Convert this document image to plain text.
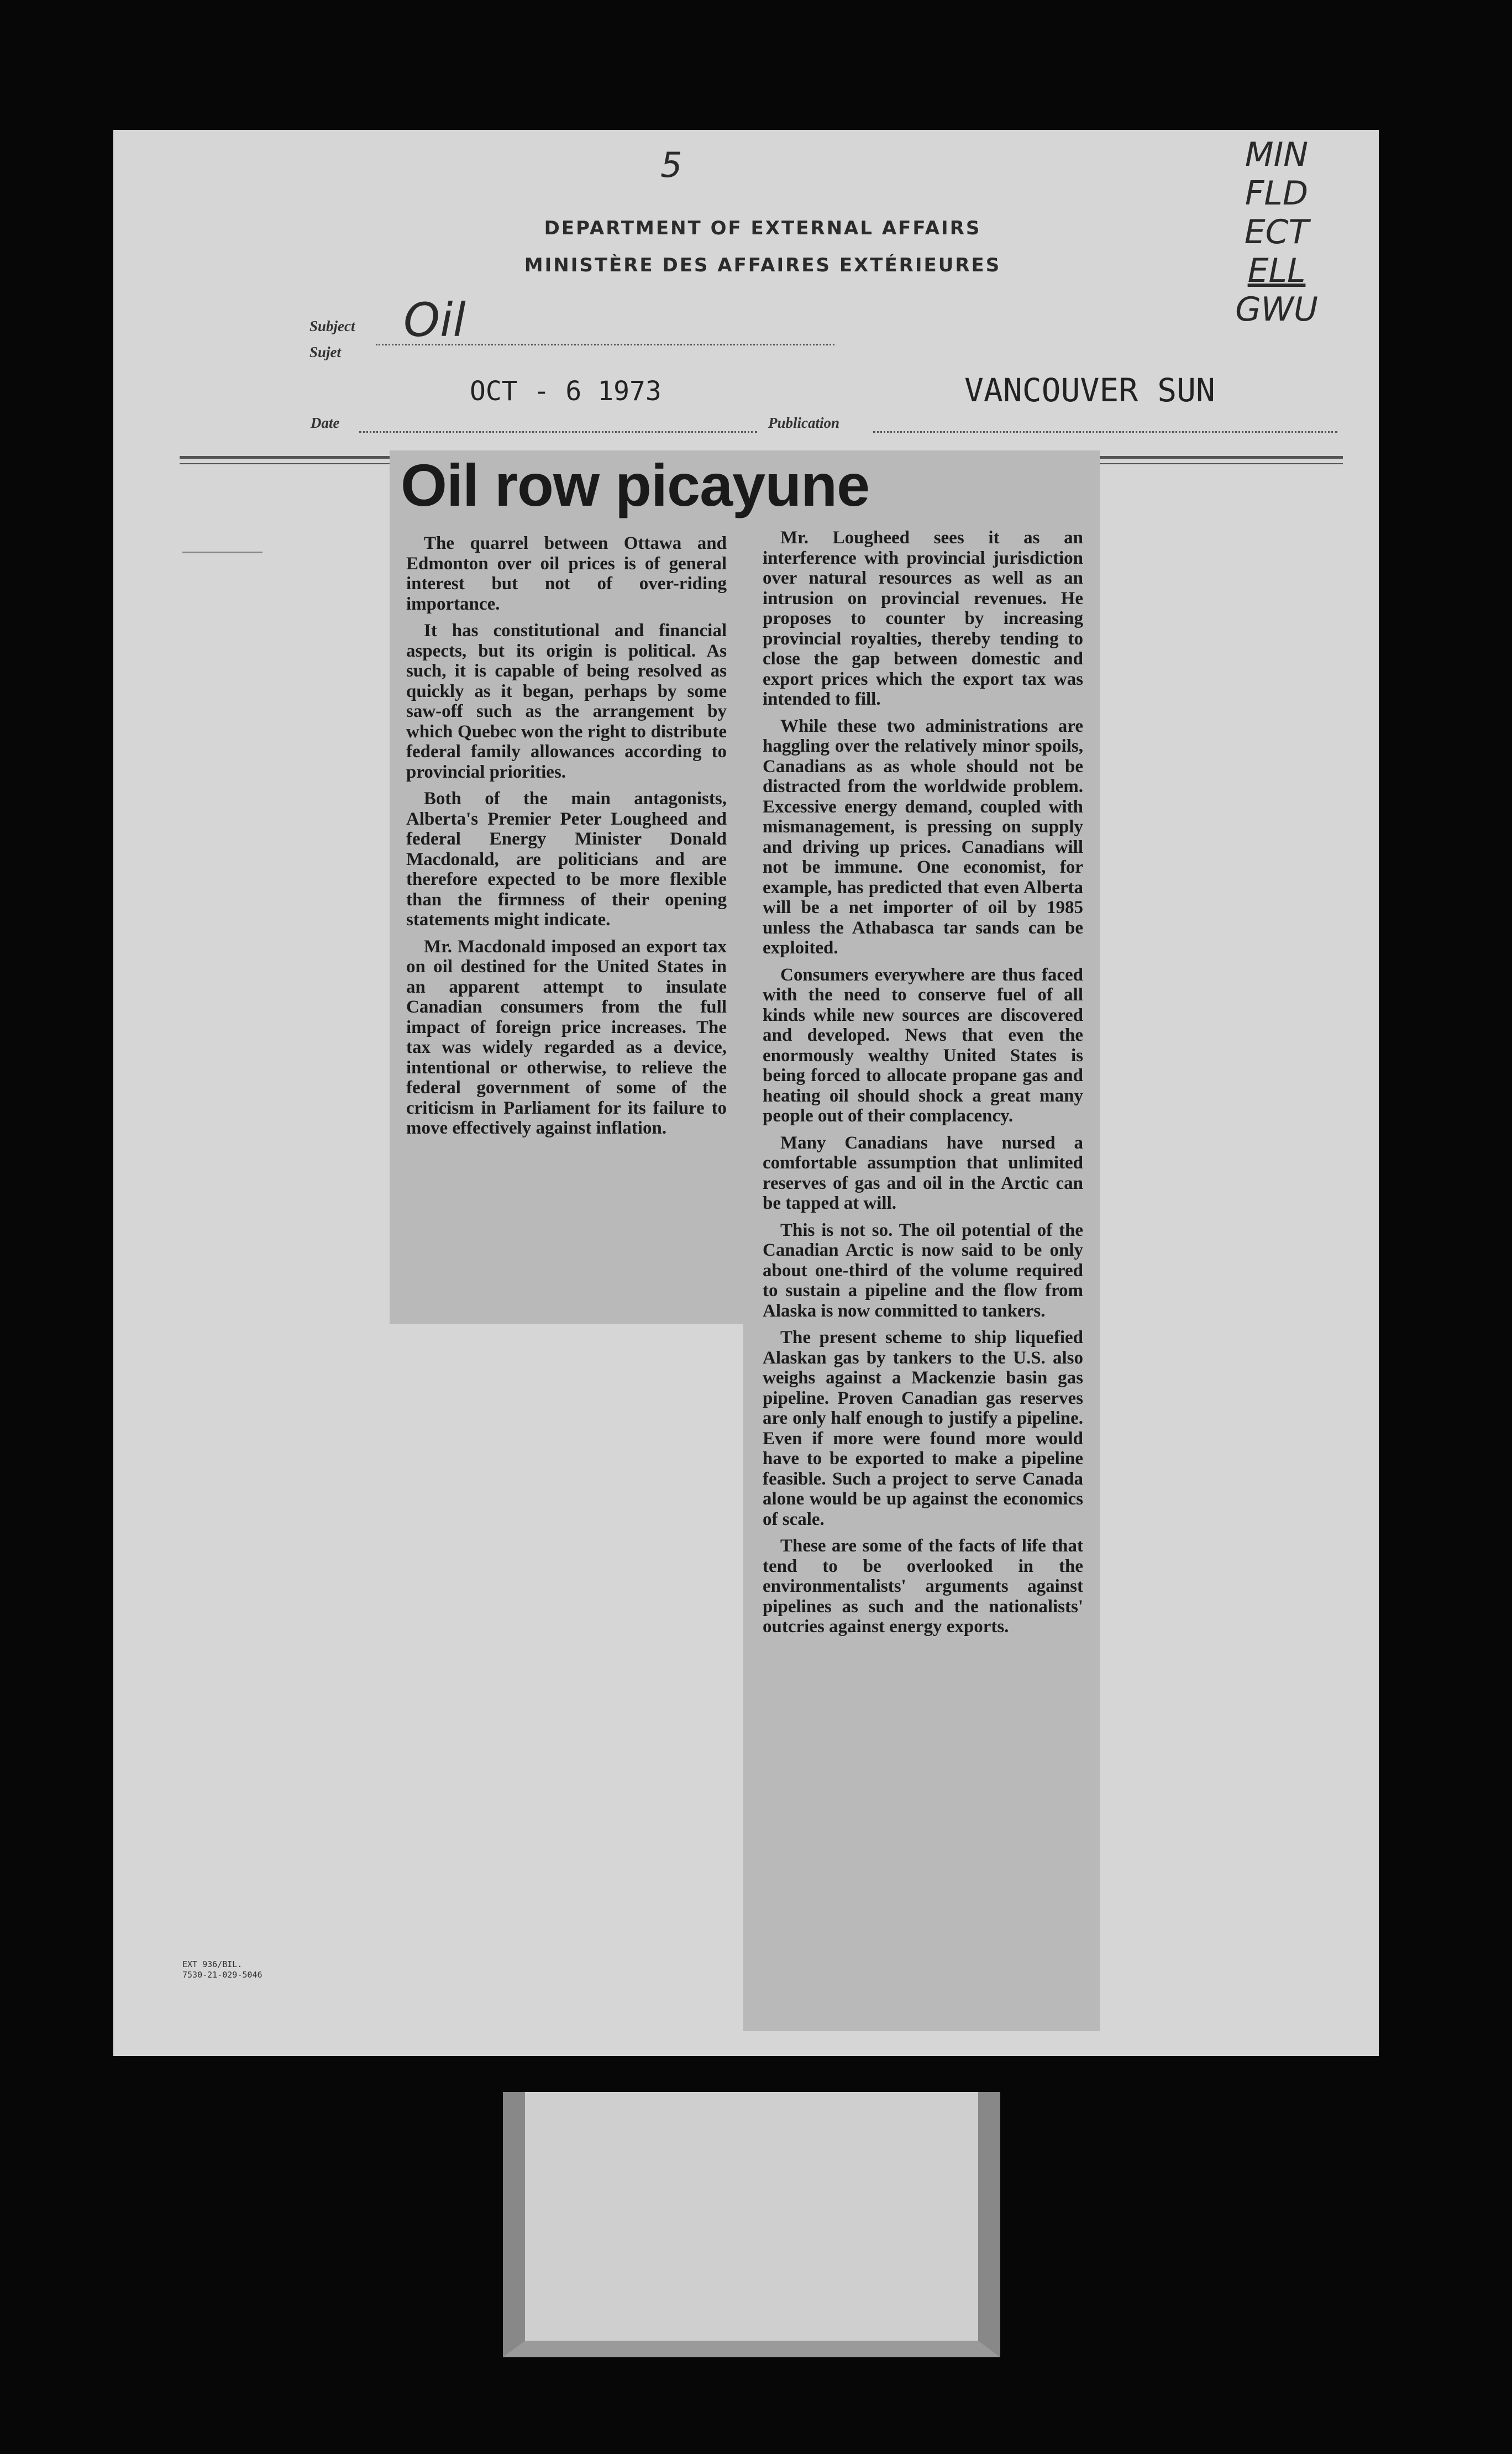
5	MIN
FLD
ECT
ELL
GWU
DEPARTMENT OF EXTERNAL AFFAIRS
MINISTÈRE DES AFFAIRES EXTÉRIEURES
Subject
Sujet
Oil
Date
OCT - 6 1973
Publication
VANCOUVER SUN
Oil row picayune

The quarrel between Ottawa and Edmonton over oil prices is of general interest but not of over-riding importance.

It has constitutional and financial aspects, but its origin is political. As such, it is capable of being resolved as quickly as it began, perhaps by some saw-off such as the arrangement by which Quebec won the right to distribute federal family allowances according to provincial priorities.

Both of the main antagonists, Alberta's Premier Peter Lougheed and federal Energy Minister Donald Macdonald, are politicians and are therefore expected to be more flexible than the firmness of their opening statements might indicate.

Mr. Macdonald imposed an export tax on oil destined for the United States in an apparent attempt to insulate Canadian consumers from the full impact of foreign price increases. The tax was widely regarded as a device, intentional or otherwise, to relieve the federal government of some of the criticism in Parliament for its failure to move effectively against inflation.

Mr. Lougheed sees it as an interference with provincial jurisdiction over natural resources as well as an intrusion on provincial revenues. He proposes to counter by increasing provincial royalties, thereby tending to close the gap between domestic and export prices which the export tax was intended to fill.

While these two administrations are haggling over the relatively minor spoils, Canadians as as whole should not be distracted from the worldwide problem. Excessive energy demand, coupled with mismanagement, is pressing on supply and driving up prices. Canadians will not be immune. One economist, for example, has predicted that even Alberta will be a net importer of oil by 1985 unless the Athabasca tar sands can be exploited.

Consumers everywhere are thus faced with the need to conserve fuel of all kinds while new sources are discovered and developed. News that even the enormously wealthy United States is being forced to allocate propane gas and heating oil should shock a great many people out of their complacency.

Many Canadians have nursed a comfortable assumption that unlimited reserves of gas and oil in the Arctic can be tapped at will.

This is not so. The oil potential of the Canadian Arctic is now said to be only about one-third of the volume required to sustain a pipeline and the flow from Alaska is now committed to tankers.

The present scheme to ship liquefied Alaskan gas by tankers to the U.S. also weighs against a Mackenzie basin gas pipeline. Proven Canadian gas reserves are only half enough to justify a pipeline. Even if more were found more would have to be exported to make a pipeline feasible. Such a project to serve Canada alone would be up against the economics of scale.

These are some of the facts of life that tend to be overlooked in the environmentalists' arguments against pipelines as such and the nationalists' outcries against energy exports.

EXT 936/BIL.
7530-21-029-5046
